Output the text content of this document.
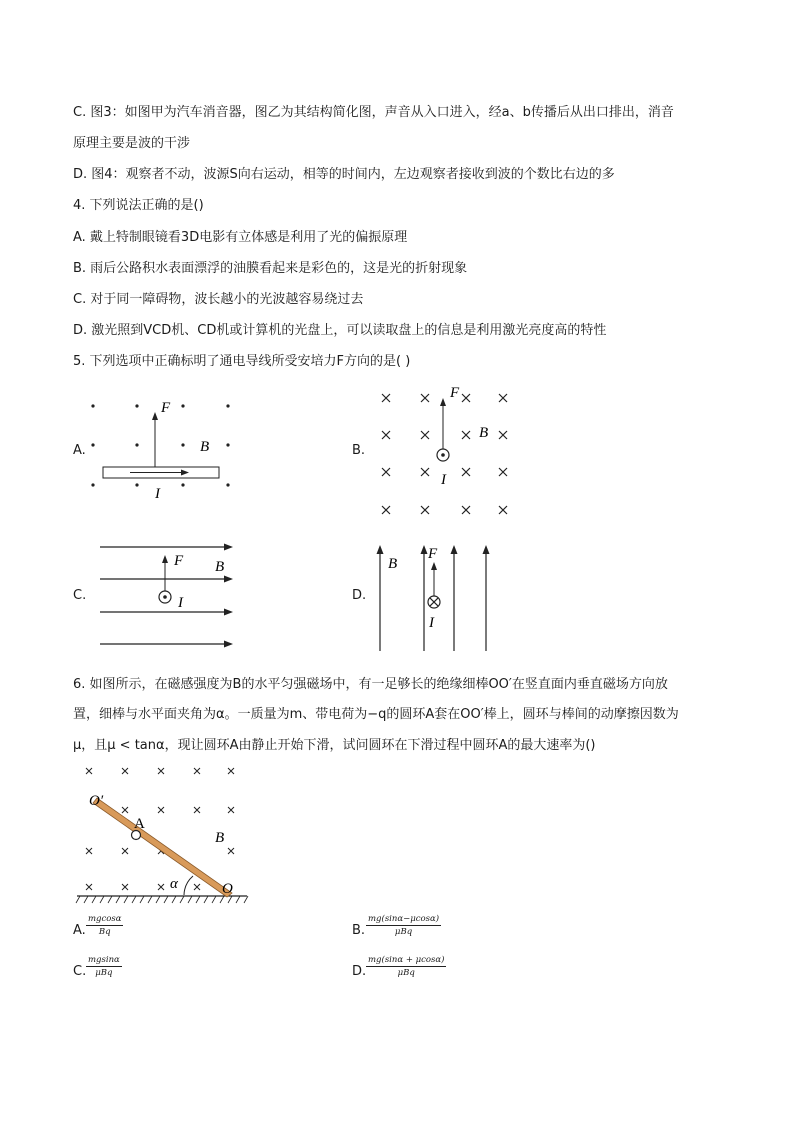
C. 图3：如图甲为汽车消音器，图乙为其结构简化图，声音从入口进入，经a、b传播后从出口排出，消音
原理主要是波的干涉
D. 图4：观察者不动，波源S向右运动，相等的时间内，左边观察者接收到波的个数比右边的多
4. 下列说法正确的是()
A. 戴上特制眼镜看3D电影有立体感是利用了光的偏振原理
B. 雨后公路积水表面漂浮的油膜看起来是彩色的，这是光的折射现象
C. 对于同一障碍物，波长越小的光波越容易绕过去
D. 激光照到VCD机、CD机或计算机的光盘上，可以读取盘上的信息是利用激光亮度高的特性
5. 下列选项中正确标明了通电导线所受安培力F方向的是( )
A.
F
B
I
B.
F
B
I
C.
F B
I	D.
F
B
I
6. 如图所示，在磁感强度为B的水平匀强磁场中，有一足够长的绝缘细棒OO′在竖直面内垂直磁场方向放
置，细棒与水平面夹角为α。一质量为m、带电荷为−q的圆环A套在OO′棒上，圆环与棒间的动摩擦因数为
μ，且μ < tanα，现让圆环A由静止开始下滑，试问圆环在下滑过程中圆环A的最大速率为()
O′
A
B
α	O
A. $\frac{mgcos\alpha}{Bq}$	B.
mg(sinα−μcosα)
μBq
C.
mgsinα
μBq	D.
mg(sinα + μcosα)
μBq
